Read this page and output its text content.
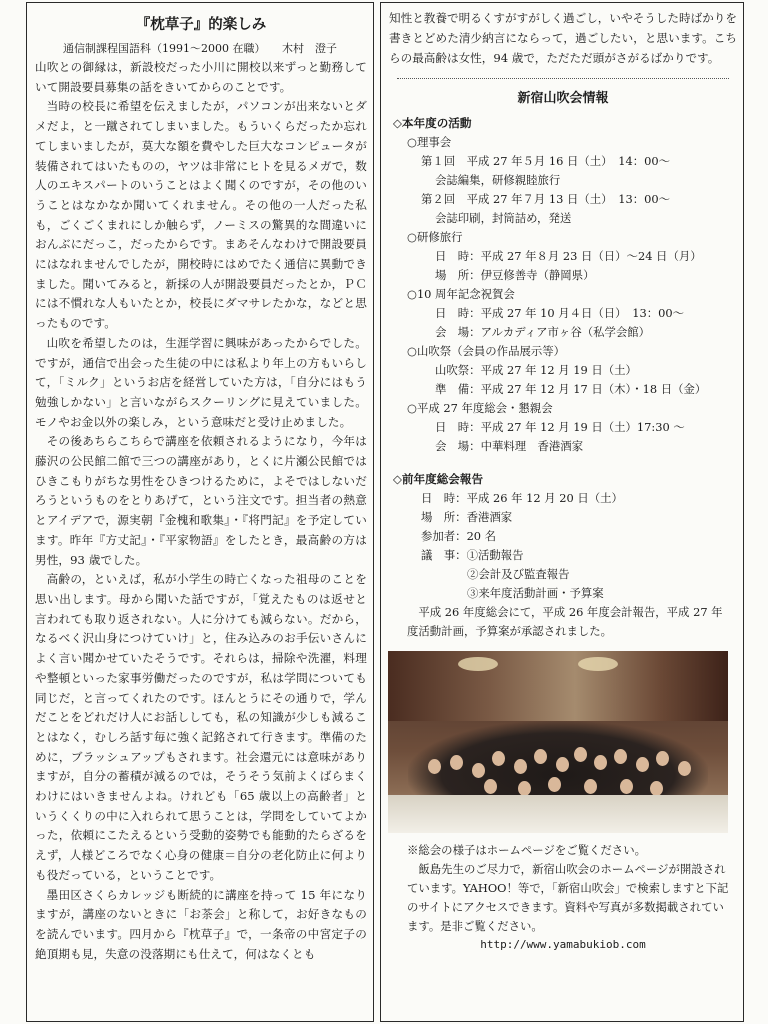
『枕草子』的楽しみ
通信制課程国語科（1991〜2000 在職）　　木村　澄子

山吹との御縁は，新設校だった小川に開校以来ずっと勤務していて開設要員募集の話をきいてからのことです。

当時の校長に希望を伝えましたが，パソコンが出来ないとダメだよ，と一蹴されてしまいました。もういくらだったか忘れてしまいましたが，莫大な額を費やした巨大なコンピュータが装備されてはいたものの，ヤツは非常にヒトを見るメガで，数人のエキスパートのいうことはよく聞くのですが，その他のいうことはなかなか聞いてくれません。その他の一人だった私も，ごくごくまれにしか触らず，ノーミスの驚異的な間違いにおんぶにだっこ，だったからです。まあそんなわけで開設要員にはなれませんでしたが，開校時にはめでたく通信に異動できました。聞いてみると，新採の人が開設要員だったとか，ＰＣには不慣れな人もいたとか，校長にダマサレたかな，などと思ったものです。

山吹を希望したのは，生涯学習に興味があったからでした。ですが，通信で出会った生徒の中には私より年上の方もいらして，「ミルク」というお店を経営していた方は，「自分にはもう勉強しかない」と言いながらスクーリングに見えていました。モノやお金以外の楽しみ，という意味だと受け止めました。

その後あちらこちらで講座を依頼されるようになり，今年は藤沢の公民館二館で三つの講座があり，とくに片瀬公民館ではひきこもりがちな男性をひきつけるために，よそではしないだろうというものをとりあげて，という注文です。担当者の熱意とアイデアで，源実朝『金槐和歌集』・『将門記』を予定しています。昨年『方丈記』・『平家物語』をしたとき，最高齢の方は男性，93 歳でした。

高齢の，といえば，私が小学生の時亡くなった祖母のことを思い出します。母から聞いた話ですが，「覚えたものは返せと言われても取り返されない。人に分けても減らない。だから，なるべく沢山身につけていけ」と，住み込みのお手伝いさんによく言い聞かせていたそうです。それらは，掃除や洗濯，料理や整頓といった家事労働だったのですが，私は学問についても同じだ，と言ってくれたのです。ほんとうにその通りで，学んだことをどれだけ人にお話ししても，私の知識が少しも減ることはなく，むしろ話す毎に強く記銘されて行きます。準備のために，ブラッシュアップもされます。社会還元には意味がありますが，自分の蓄積が減るのでは，そうそう気前よくばらまくわけにはいきませんよね。けれども「65 歳以上の高齢者」というくくりの中に入れられて思うことは，学問をしていてよかった，依頼にこたえるという受動的姿勢でも能動的たらざるをえず，人様どころでなく心身の健康＝自分の老化防止に何よりも役だっている，ということです。

墨田区さくらカレッジも断続的に講座を持って 15 年になりますが，講座のないときに「お茶会」と称して，お好きなものを読んでいます。四月から『枕草子』で，一条帝の中宮定子の絶頂期も見，失意の没落期にも仕えて，何はなくとも

知性と教養で明るくすがすがしく過ごし，いやそうした時ばかりを書きとどめた清少納言にならって，過ごしたい，と思います。こちらの最高齢は女性，94 歳で，ただただ頭がさがるばかりです。

新宿山吹会情報
◇本年度の活動
○理事会
第１回　平成 27 年５月 16 日（土）　14：00〜
会誌編集，研修親睦旅行
第２回　平成 27 年７月 13 日（土）　13：00〜
会誌印刷，封筒詰め，発送
○研修旅行
日　時：平成 27 年８月 23 日（日）〜24 日（月）
場　所：伊豆修善寺（静岡県）
○10 周年記念祝賀会
日　時：平成 27 年 10 月４日（日）　13：00〜
会　場：アルカディア市ヶ谷（私学会館）
○山吹祭（会員の作品展示等）
山吹祭：平成 27 年 12 月 19 日（土）
準　備：平成 27 年 12 月 17 日（木）・18 日（金）
○平成 27 年度総会・懇親会
日　時：平成 27 年 12 月 19 日（土）17:30 〜
会　場：中華料理　香港酒家
◇前年度総会報告
日　時：平成 26 年 12 月 20 日（土）
場　所：香港酒家
参加者：20 名
議　事：①活動報告
②会計及び監査報告
③来年度活動計画・予算案
平成 26 年度総会にて，平成 26 年度会計報告，平成 27 年度活動計画，予算案が承認されました。
※総会の様子はホームページをご覧ください。
飯島先生のご尽力で，新宿山吹会のホームページが開設されています。YAHOO！等で，「新宿山吹会」で検索しますと下記のサイトにアクセスできます。資料や写真が多数掲載されています。是非ご覧ください。
http://www.yamabukiob.com
